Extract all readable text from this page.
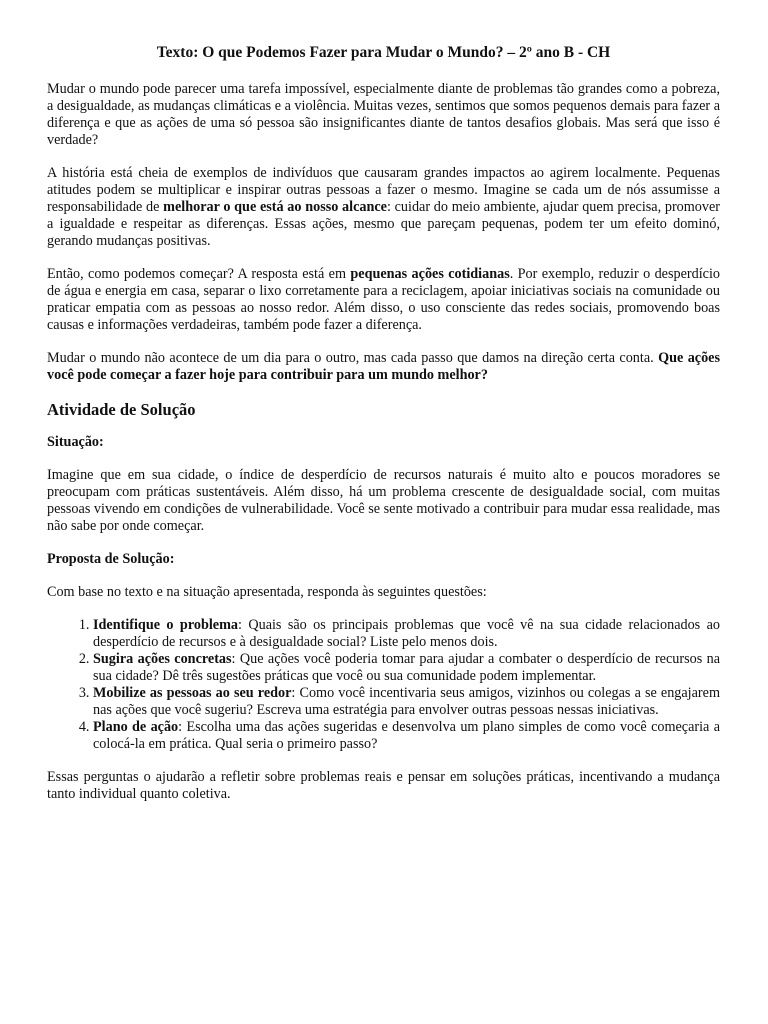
Texto: O que Podemos Fazer para Mudar o Mundo? – 2º ano B - CH

Mudar o mundo pode parecer uma tarefa impossível, especialmente diante de problemas tão grandes como a pobreza, a desigualdade, as mudanças climáticas e a violência. Muitas vezes, sentimos que somos pequenos demais para fazer a diferença e que as ações de uma só pessoa são insignificantes diante de tantos desafios globais. Mas será que isso é verdade?

A história está cheia de exemplos de indivíduos que causaram grandes impactos ao agirem localmente. Pequenas atitudes podem se multiplicar e inspirar outras pessoas a fazer o mesmo. Imagine se cada um de nós assumisse a responsabilidade de melhorar o que está ao nosso alcance: cuidar do meio ambiente, ajudar quem precisa, promover a igualdade e respeitar as diferenças. Essas ações, mesmo que pareçam pequenas, podem ter um efeito dominó, gerando mudanças positivas.

Então, como podemos começar? A resposta está em pequenas ações cotidianas. Por exemplo, reduzir o desperdício de água e energia em casa, separar o lixo corretamente para a reciclagem, apoiar iniciativas sociais na comunidade ou praticar empatia com as pessoas ao nosso redor. Além disso, o uso consciente das redes sociais, promovendo boas causas e informações verdadeiras, também pode fazer a diferença.

Mudar o mundo não acontece de um dia para o outro, mas cada passo que damos na direção certa conta. Que ações você pode começar a fazer hoje para contribuir para um mundo melhor?

Atividade de Solução
Situação:

Imagine que em sua cidade, o índice de desperdício de recursos naturais é muito alto e poucos moradores se preocupam com práticas sustentáveis. Além disso, há um problema crescente de desigualdade social, com muitas pessoas vivendo em condições de vulnerabilidade. Você se sente motivado a contribuir para mudar essa realidade, mas não sabe por onde começar.

Proposta de Solução:

Com base no texto e na situação apresentada, responda às seguintes questões:

1. Identifique o problema: Quais são os principais problemas que você vê na sua cidade relacionados ao desperdício de recursos e à desigualdade social? Liste pelo menos dois.
2. Sugira ações concretas: Que ações você poderia tomar para ajudar a combater o desperdício de recursos na sua cidade? Dê três sugestões práticas que você ou sua comunidade podem implementar.
3. Mobilize as pessoas ao seu redor: Como você incentivaria seus amigos, vizinhos ou colegas a se engajarem nas ações que você sugeriu? Escreva uma estratégia para envolver outras pessoas nessas iniciativas.
4. Plano de ação: Escolha uma das ações sugeridas e desenvolva um plano simples de como você começaria a colocá-la em prática. Qual seria o primeiro passo?

Essas perguntas o ajudarão a refletir sobre problemas reais e pensar em soluções práticas, incentivando a mudança tanto individual quanto coletiva.
